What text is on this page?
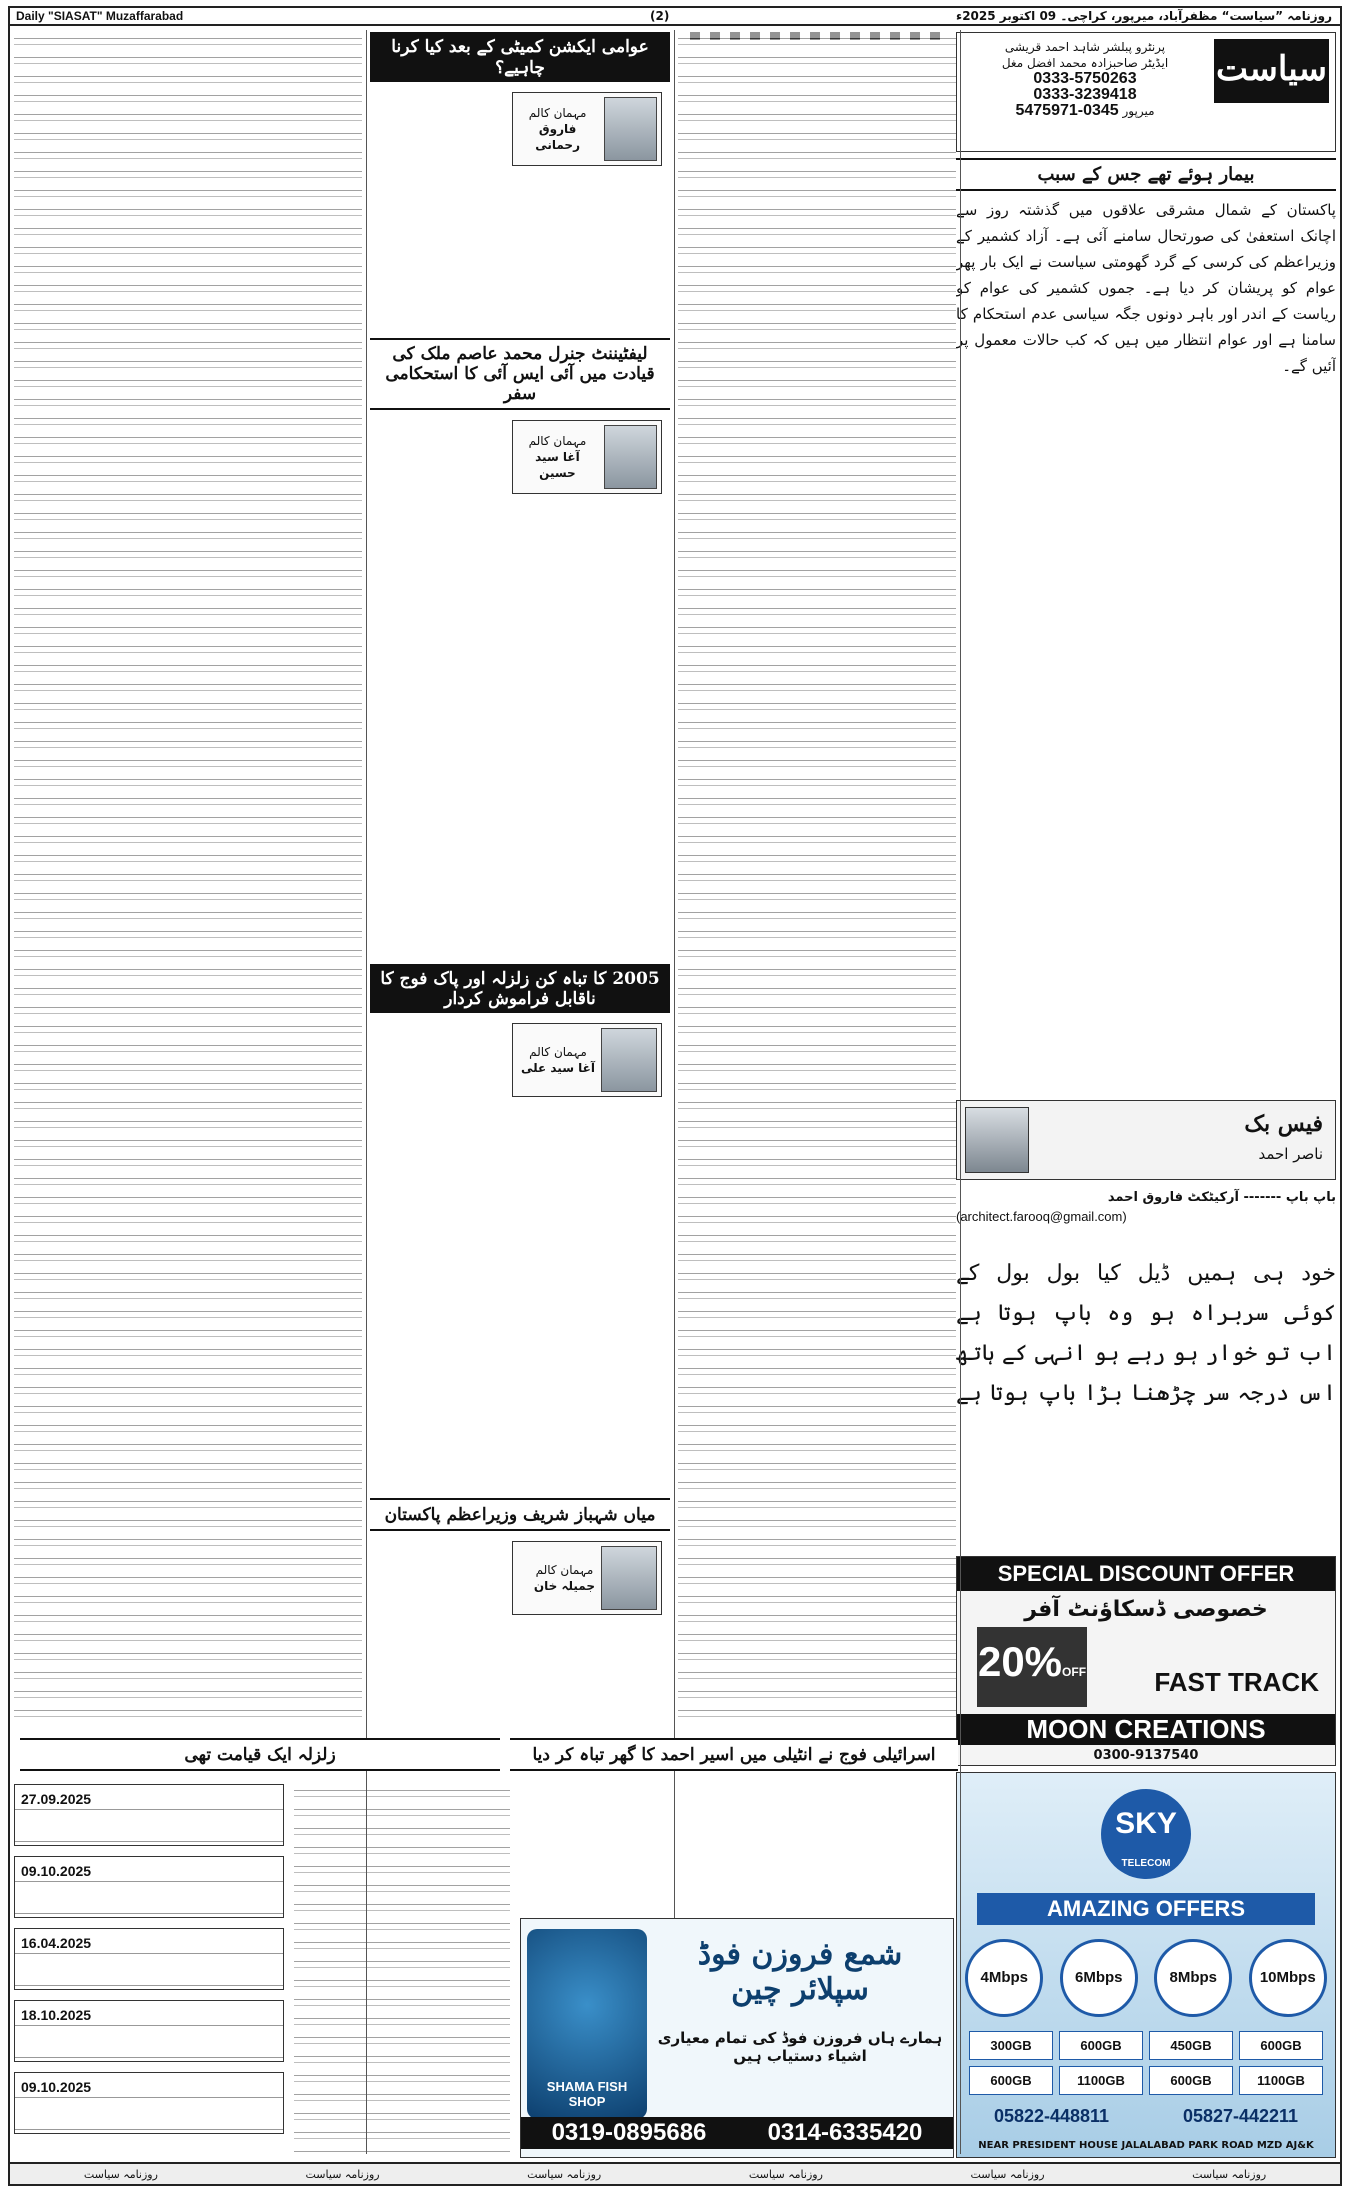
Daily "SIASAT" Muzaffarabad	(2)	روزنامہ ”سیاست“ مظفرآباد، میرپور، کراچی۔ 09 اکتوبر 2025ء
سیاست
پرنٹرو پبلشر شاہد احمد قریشی
ایڈیٹر صاحبزادہ محمد افضل مغل
0333-5750263
0333-3239418
میرپور 0345-5475971
بیمار ہوئے تھے جس کے سبب
پاکستان کے شمال مشرقی علاقوں میں گذشتہ روز سے اچانک استعفیٰ کی صورتحال سامنے آئی ہے۔ آزاد کشمیر کے وزیراعظم کی کرسی کے گرد گھومتی سیاست نے ایک بار پھر عوام کو پریشان کر دیا ہے۔ جموں کشمیر کی عوام کو ریاست کے اندر اور باہر دونوں جگہ سیاسی عدم استحکام کا سامنا ہے اور عوام انتظار میں ہیں کہ کب حالات معمول پر آئیں گے۔
فیس بک
ناصر احمد
باپ باپ ------- آرکیٹکٹ فاروق احمد
(architect.farooq@gmail.com)
خود ہی ہمیں ڈیل کیا بول بول کے
کوئی سربراہ ہو وہ باپ ہوتا ہے
اب تو خوار ہو رہے ہو انہی کے ہاتھ
اس درجہ سر چڑھنا بڑا باپ ہوتا ہے
SPECIAL DISCOUNT OFFER
خصوصی ڈسکاؤنٹ آفر
20%OFF	FAST TRACK
MOON CREATIONS
0300-9137540
SKY
TELECOM
AMAZING OFFERS
4Mbps	6Mbps	8Mbps	10Mbps
300GB	600GB	450GB	600GB
600GB	1100GB	600GB	1100GB
05822-448811	05827-442211
NEAR PRESIDENT HOUSE JALALABAD PARK ROAD MZD AJ&K
عوامی ایکشن کمیٹی کے بعد کیا کرنا چاہیے؟
مہمان کالم
فاروق رحمانی
لیفٹیننٹ جنرل محمد عاصم ملک کی قیادت میں آئی ایس آئی کا استحکامی سفر
مہمان کالم
آغا سید حسین
2005 کا تباہ کن زلزلہ اور پاک فوج کا ناقابل فراموش کردار
مہمان کالم
آغا سید علی
میاں شہباز شریف وزیراعظم پاکستان
مہمان کالم
جمیلہ خان
اسرائیلی فوج نے انٹیلی میں اسیر احمد کا گھر تباہ کر دیا
زلزلہ ایک قیامت تھی
27.09.2025
09.10.2025
16.04.2025
18.10.2025
09.10.2025	SHAMA FISH SHOP
شمع فروزن فوڈ سپلائر چین
ہمارے ہاں فروزن فوڈ کی تمام معیاری اشیاء دستیاب ہیں
0319-0895686	0314-6335420
روزنامہ سیاست
روزنامہ سیاست
روزنامہ سیاست
روزنامہ سیاست
روزنامہ سیاست
روزنامہ سیاست
